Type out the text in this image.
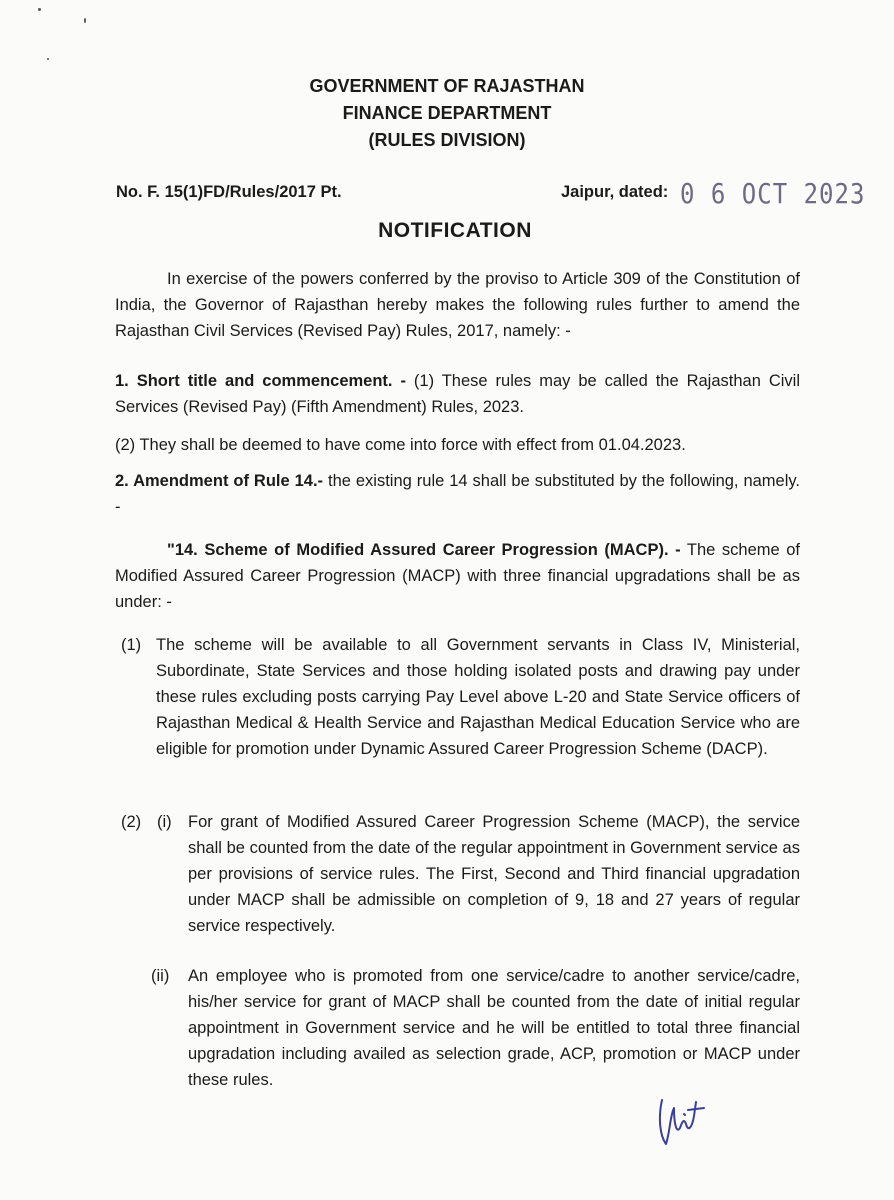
GOVERNMENT OF RAJASTHAN
FINANCE DEPARTMENT
(RULES DIVISION)
No. F. 15(1)FD/Rules/2017 Pt.	Jaipur, dated: 0 6 OCT 2023
NOTIFICATION
In exercise of the powers conferred by the proviso to Article 309 of the Constitution of India, the Governor of Rajasthan hereby makes the following rules further to amend the Rajasthan Civil Services (Revised Pay) Rules, 2017, namely: -
1. Short title and commencement. - (1) These rules may be called the Rajasthan Civil Services (Revised Pay) (Fifth Amendment) Rules, 2023.
(2) They shall be deemed to have come into force with effect from 01.04.2023.
2. Amendment of Rule 14.- the existing rule 14 shall be substituted by the following, namely. -
"14. Scheme of Modified Assured Career Progression (MACP). - The scheme of Modified Assured Career Progression (MACP) with three financial upgradations shall be as under: -
(1) The scheme will be available to all Government servants in Class IV, Ministerial, Subordinate, State Services and those holding isolated posts and drawing pay under these rules excluding posts carrying Pay Level above L-20 and State Service officers of Rajasthan Medical & Health Service and Rajasthan Medical Education Service who are eligible for promotion under Dynamic Assured Career Progression Scheme (DACP).
(2) (i) For grant of Modified Assured Career Progression Scheme (MACP), the service shall be counted from the date of the regular appointment in Government service as per provisions of service rules. The First, Second and Third financial upgradation under MACP shall be admissible on completion of 9, 18 and 27 years of regular service respectively.
(ii) An employee who is promoted from one service/cadre to another service/cadre, his/her service for grant of MACP shall be counted from the date of initial regular appointment in Government service and he will be entitled to total three financial upgradation including availed as selection grade, ACP, promotion or MACP under these rules.
